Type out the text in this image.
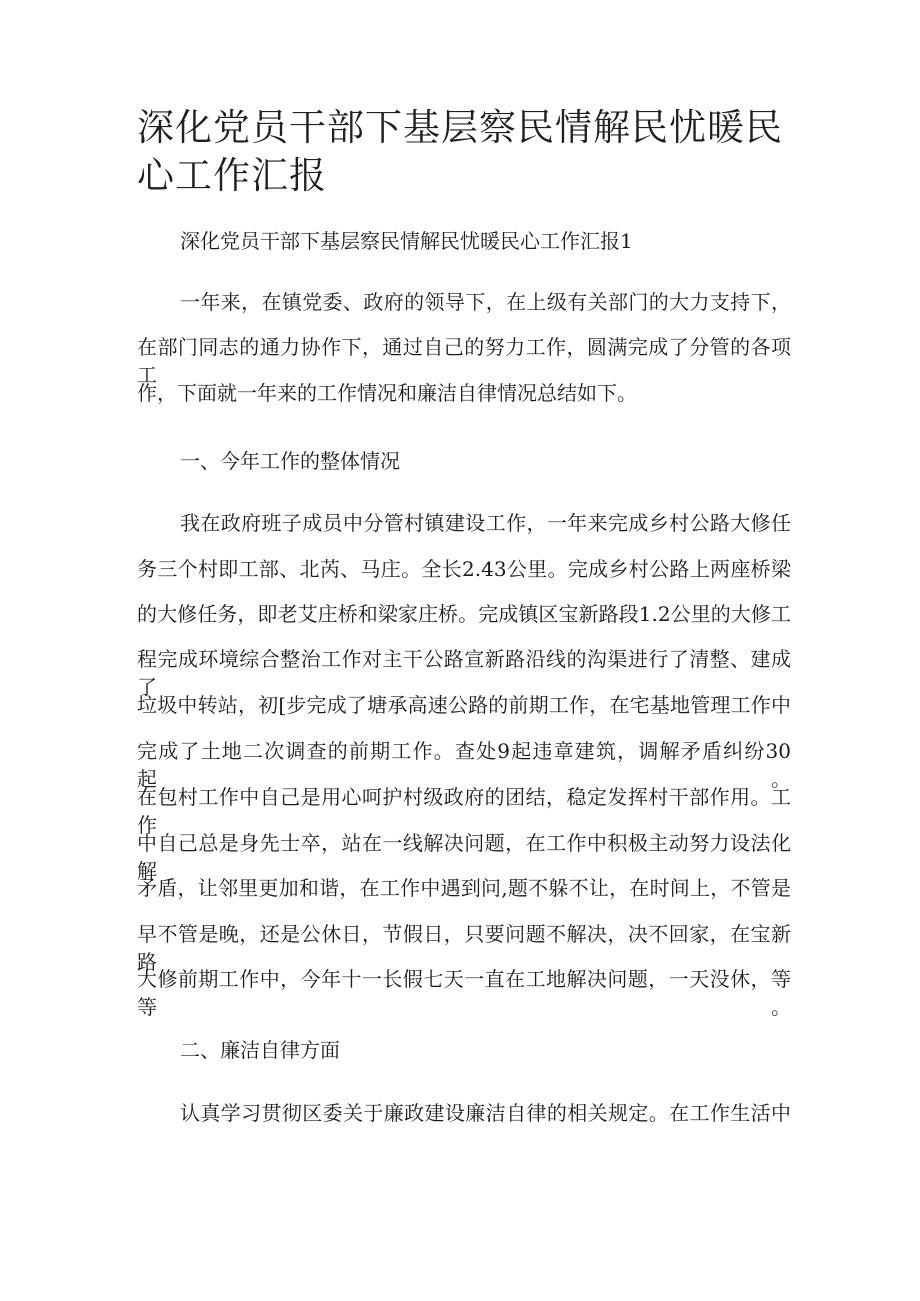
深化党员干部下基层察民情解民忧暖民心工作汇报

深化党员干部下基层察民情解民忧暖民心工作汇报1

一年来，在镇党委、政府的领导下，在上级有关部门的大力支持下，

在部门同志的通力协作下，通过自己的努力工作，圆满完成了分管的各项工

作，下面就一年来的工作情况和廉洁自律情况总结如下。

一、今年工作的整体情况

我在政府班子成员中分管村镇建设工作，一年来完成乡村公路大修任

务三个村即工部、北芮、马庄。全长2.43公里。完成乡村公路上两座桥梁

的大修任务，即老艾庄桥和梁家庄桥。完成镇区宝新路段1.2公里的大修工

程完成环境综合整治工作对主干公路宣新路沿线的沟渠进行了清整、建成了

垃圾中转站，初[步完成了塘承高速公路的前期工作，在宅基地管理工作中

完成了土地二次调查的前期工作。查处9起违章建筑，调解矛盾纠纷30起。

在包村工作中自己是用心呵护村级政府的团结，稳定发挥村干部作用。工作

中自己总是身先士卒，站在一线解决问题，在工作中积极主动努力设法化解

矛盾，让邻里更加和谐，在工作中遇到问,题不躲不让，在时间上，不管是

早不管是晚，还是公休日，节假日，只要问题不解决，决不回家，在宝新路

大修前期工作中，今年十一长假七天一直在工地解决问题，一天没休，等等。

二、廉洁自律方面

认真学习贯彻区委关于廉政建设廉洁自律的相关规定。在工作生活中
